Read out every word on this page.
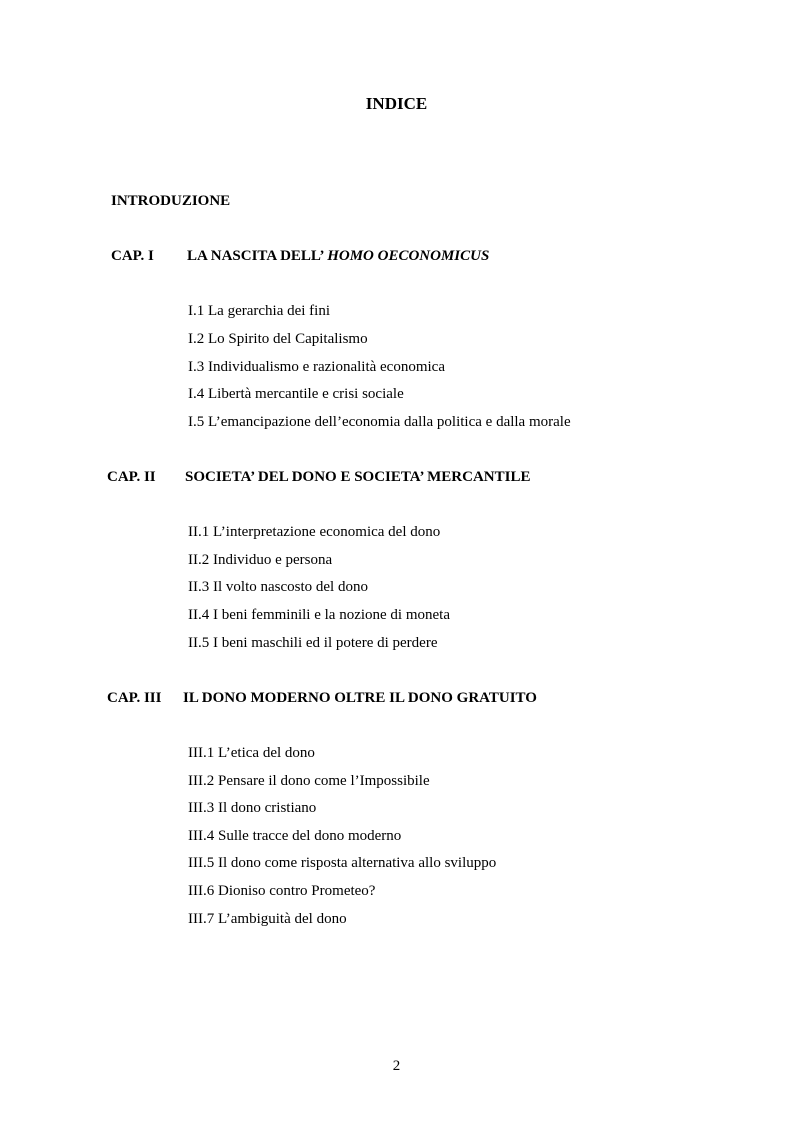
INDICE
INTRODUZIONE
CAP. I LA NASCITA DELL’ HOMO OECONOMICUS
I.1 La gerarchia dei fini
I.2 Lo Spirito del Capitalismo
I.3 Individualismo e razionalità economica
I.4 Libertà mercantile e crisi sociale
I.5 L’emancipazione dell’economia dalla politica e dalla morale
CAP. II SOCIETA’ DEL DONO E SOCIETA’ MERCANTILE
II.1 L’interpretazione economica del dono
II.2 Individuo e persona
II.3 Il volto nascosto del dono
II.4 I beni femminili e la nozione di moneta
II.5 I beni maschili ed il potere di perdere
CAP. III IL DONO MODERNO OLTRE IL DONO GRATUITO
III.1 L’etica del dono
III.2 Pensare il dono come l’Impossibile
III.3 Il dono cristiano
III.4 Sulle tracce del dono moderno
III.5 Il dono come risposta alternativa allo sviluppo
III.6 Dioniso contro Prometeo?
III.7 L’ambiguità del dono
2
